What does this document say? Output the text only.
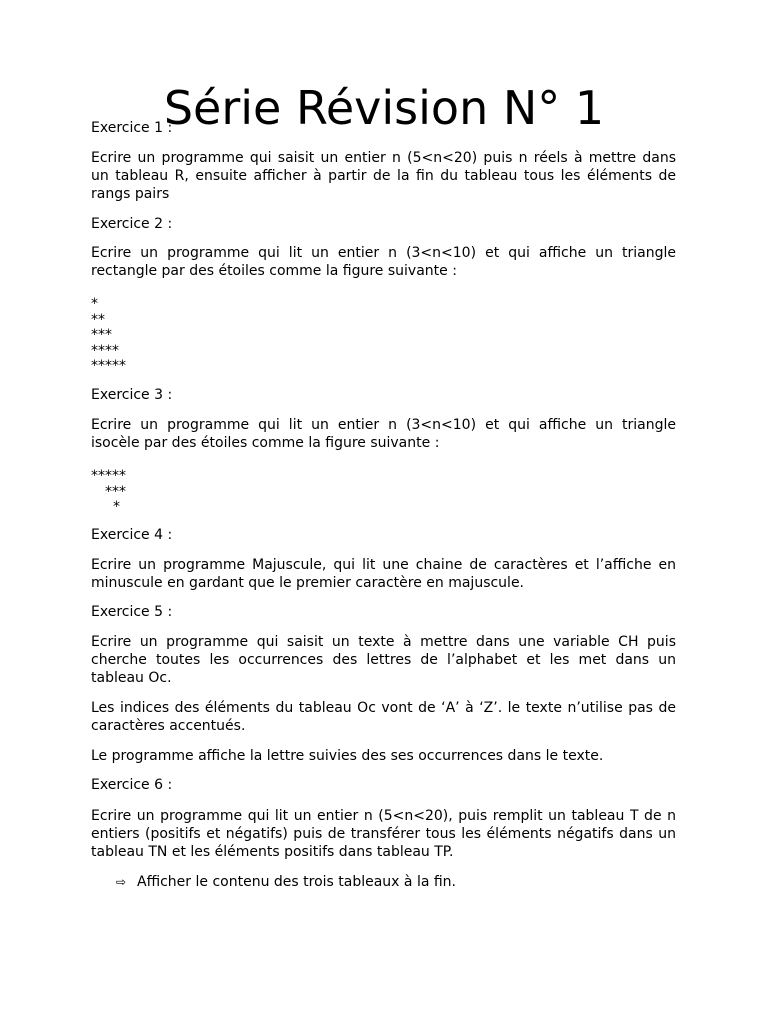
Série Révision N° 1
Exercice 1 :
Ecrire un programme qui saisit un entier n (5<n<20) puis n réels à mettre dans
un tableau R, ensuite afficher à partir de la fin du tableau tous les éléments de
rangs pairs
Exercice 2 :
Ecrire un programme qui lit un entier n (3<n<10) et qui affiche un triangle
rectangle par des étoiles comme la figure suivante :
*
**
***
****
*****
Exercice 3 :
Ecrire un programme qui lit un entier n (3<n<10) et qui affiche un triangle
isocèle par des étoiles comme la figure suivante :
*****
***
*
Exercice 4 :
Ecrire un programme Majuscule, qui lit une chaine de caractères et l’affiche en
minuscule en gardant que le premier caractère en majuscule.
Exercice 5 :
Ecrire un programme qui saisit un texte à mettre dans une variable CH puis
cherche toutes les occurrences des lettres de l’alphabet et les met dans un
tableau Oc.
Les indices des éléments du tableau Oc vont de ‘A’ à ‘Z’. le texte n’utilise pas de
caractères accentués.
Le programme affiche la lettre suivies des ses occurrences dans le texte.
Exercice 6 :
Ecrire un programme qui lit un entier n (5<n<20), puis remplit un tableau T de n
entiers (positifs et négatifs) puis de transférer tous les éléments négatifs dans un
tableau TN et les éléments positifs dans tableau TP.
⇨
Afficher le contenu des trois tableaux à la fin.
